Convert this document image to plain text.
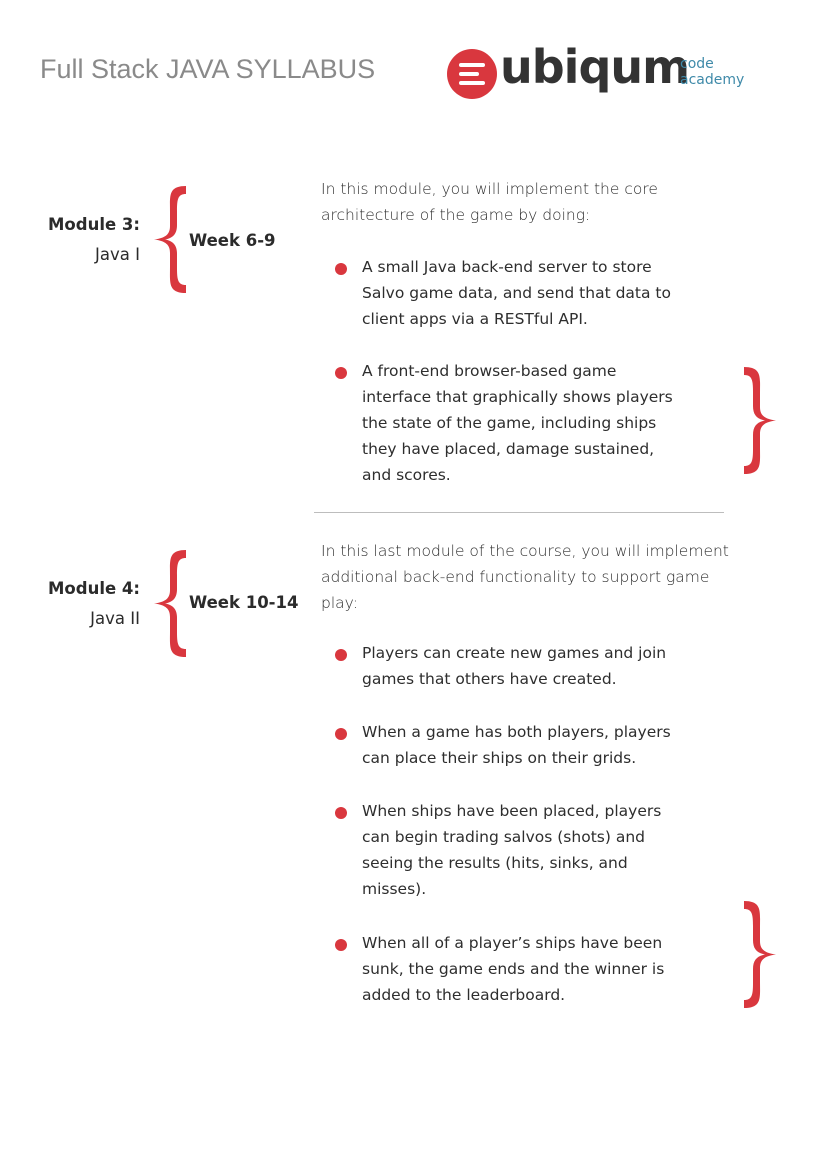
Full Stack JAVA SYLLABUS	ubiqum
code
academy
Module 3:
Java I
Week 6-9
In this module, you will implement the core architecture of the game by doing:
A small Java back-end server to store Salvo game data, and send that data to client apps via a RESTful API.
A front-end browser-based game interface that graphically shows players the state of the game, including ships they have placed, damage sustained, and scores.
Module 4:
Java II
Week 10-14
In this last module of the course, you will implement additional back-end functionality to support game play:
Players can create new games and join games that others have created.
When a game has both players, players can place their ships on their grids.
When ships have been placed, players can begin trading salvos (shots) and seeing the results (hits, sinks, and misses).
When all of a player’s ships have been sunk, the game ends and the winner is added to the leaderboard.
